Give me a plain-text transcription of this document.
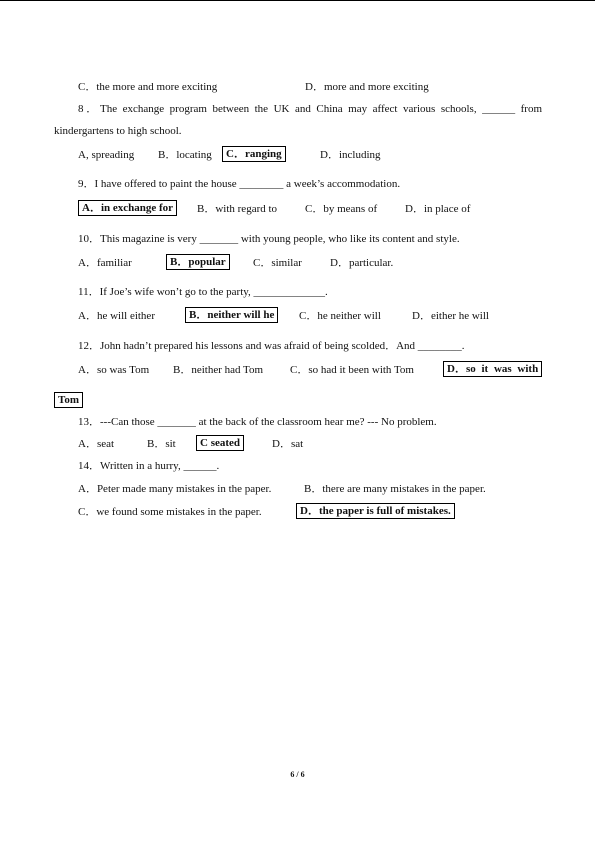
C．the more and more exciting	D．more and more exciting
8．The exchange program between the UK and China may affect various schools, ______ from
kindergartens to high school.
A, spreading B．locating	C．ranging	D．including
9．I have offered to paint the house ________ a week’s accommodation.
A．in exchange for	B．with regard to	C．by means of	D．in place of
10．This magazine is very _______ with young people, who like its content and style.
A．familiar	B．popular	C．similar	D．particular.
11．If Joe’s wife won’t go to the party, _____________.
A．he will either	B．neither will he	C．he neither will	D．either he will
12．John hadn’t prepared his lessons and was afraid of being scolded．And ________.
A．so was Tom B．neither had Tom C．so had it been with Tom	D．so it was with
Tom
13．---Can those _______ at the back of the classroom hear me? --- No problem.
A．seat	B．sit	C seated	D．sat
14．Written in a hurry, ______.
A．Peter made many mistakes in the paper.	B．there are many mistakes in the paper.
C．we found some mistakes in the paper.	D．the paper is full of mistakes.
6 / 6
